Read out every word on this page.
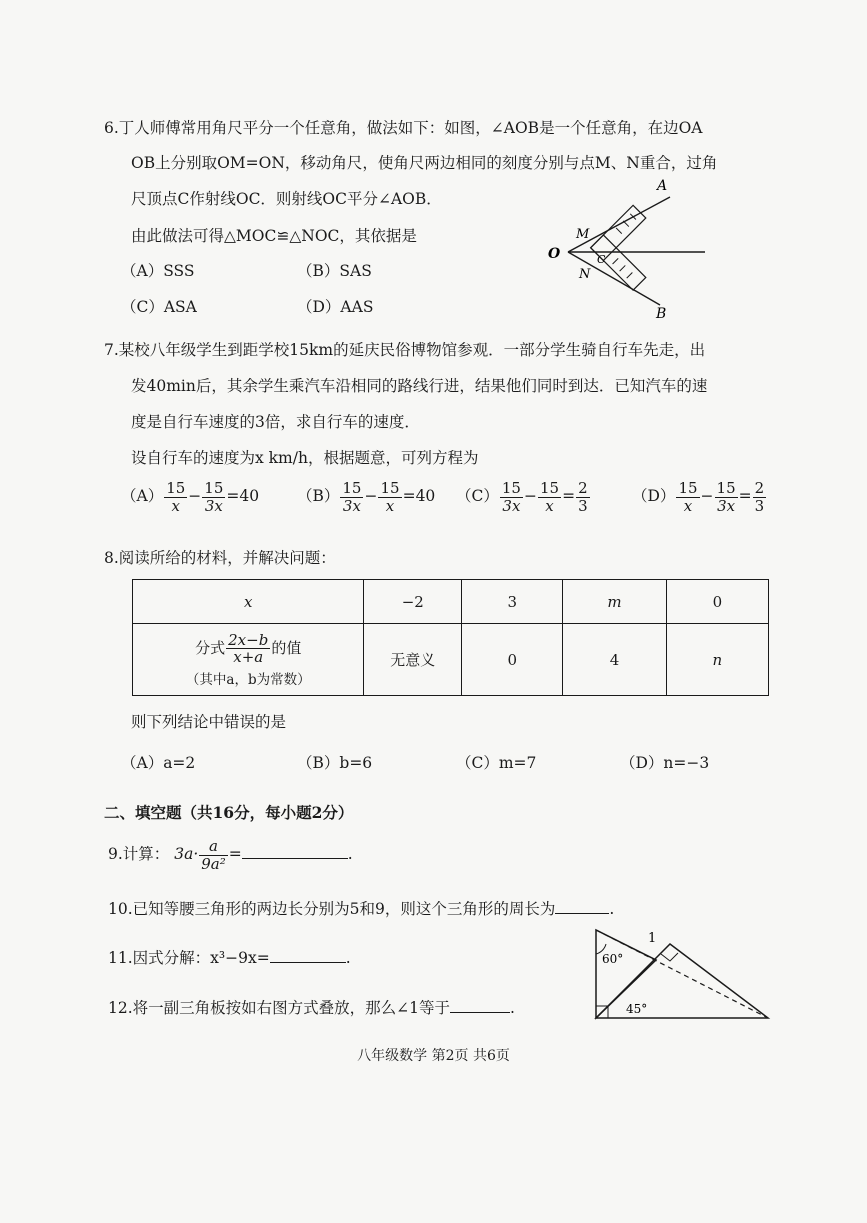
6.丁人师傅常用角尺平分一个任意角，做法如下：如图，∠AOB是一个任意角，在边OA
OB上分别取OM=ON，移动角尺，使角尺两边相同的刻度分别与点M、N重合，过角
尺顶点C作射线OC．则射线OC平分∠AOB．
由此做法可得△MOC≌△NOC，其依据是
（A）SSS	（B）SAS
（C）ASA	（D）AAS
A
B
O
M
N
C
7.某校八年级学生到距学校15km的延庆民俗博物馆参观．一部分学生骑自行车先走，出
发40min后，其余学生乘汽车沿相同的路线行进，结果他们同时到达．已知汽车的速
度是自行车速度的3倍，求自行车的速度．
设自行车的速度为x km/h，根据题意，可列方程为
$(A) \frac{15}{x} - \frac{15}{3x} =40$ $(B) \frac{15}{3x} - \frac{15}{x} =40$ $(C) \frac{15}{3x} - \frac{15}{x} = \frac{2}{3}$	$(D) \frac{15}{x} - \frac{15}{3x} = \frac{2}{3}$
8.阅读所给的材料，并解决问题：
x	−2	3	m	0

分式 $\frac{2x-b}{x+a}$ 的值
（其中a，b为常数）	无意义	0	4	n
则下列结论中错误的是
（A）a=2	（B）b=6	（C）m=7	（D）n=−3
二、填空题（共16分，每小题2分）
9.计算： $3a\cdot \frac{a}{\text{9a²}}$ =	.
10.已知等腰三角形的两边长分别为5和9，则这个三角形的周长为	.
11.因式分解：x³−9x=	.
12.将一副三角板按如右图方式叠放，那么∠1等于	.
60°
45°
1
八年级数学 第2页 共6页
